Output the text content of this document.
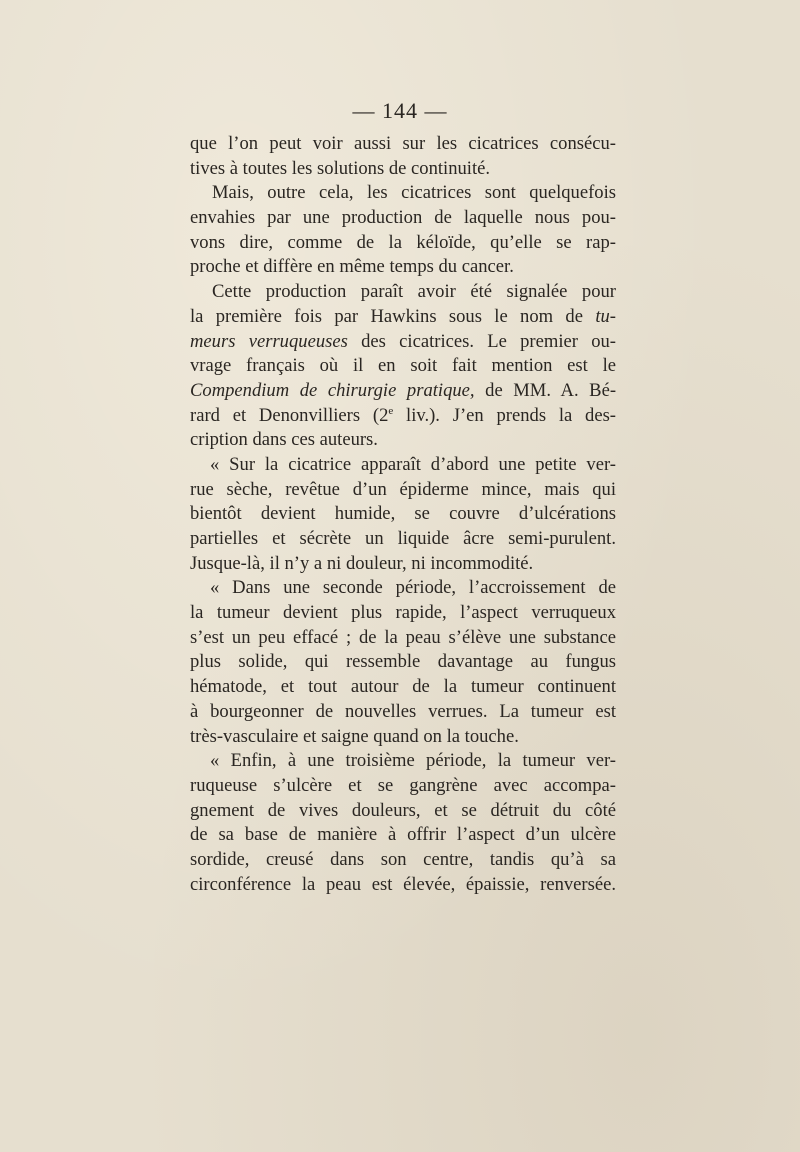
— 144 —
que l’on peut voir aussi sur les cicatrices consécu-
tives à toutes les solutions de continuité.
Mais, outre cela, les cicatrices sont quelquefois
envahies par une production de laquelle nous pou-
vons dire, comme de la kéloïde, qu’elle se rap-
proche et diffère en même temps du cancer.
Cette production paraît avoir été signalée pour
la première fois par Hawkins sous le nom de tu-
meurs verruqueuses des cicatrices. Le premier ou-
vrage français où il en soit fait mention est le
Compendium de chirurgie pratique, de MM. A. Bé-
rard et Denonvilliers (2e liv.). J’en prends la des-
cription dans ces auteurs.
« Sur la cicatrice apparaît d’abord une petite ver-
rue sèche, revêtue d’un épiderme mince, mais qui
bientôt devient humide, se couvre d’ulcérations
partielles et sécrète un liquide âcre semi-purulent.
Jusque-là, il n’y a ni douleur, ni incommodité.
« Dans une seconde période, l’accroissement de
la tumeur devient plus rapide, l’aspect verruqueux
s’est un peu effacé ; de la peau s’élève une substance
plus solide, qui ressemble davantage au fungus
hématode, et tout autour de la tumeur continuent
à bourgeonner de nouvelles verrues. La tumeur est
très-vasculaire et saigne quand on la touche.
« Enfin, à une troisième période, la tumeur ver-
ruqueuse s’ulcère et se gangrène avec accompa-
gnement de vives douleurs, et se détruit du côté
de sa base de manière à offrir l’aspect d’un ulcère
sordide, creusé dans son centre, tandis qu’à sa
circonférence la peau est élevée, épaissie, renversée.
